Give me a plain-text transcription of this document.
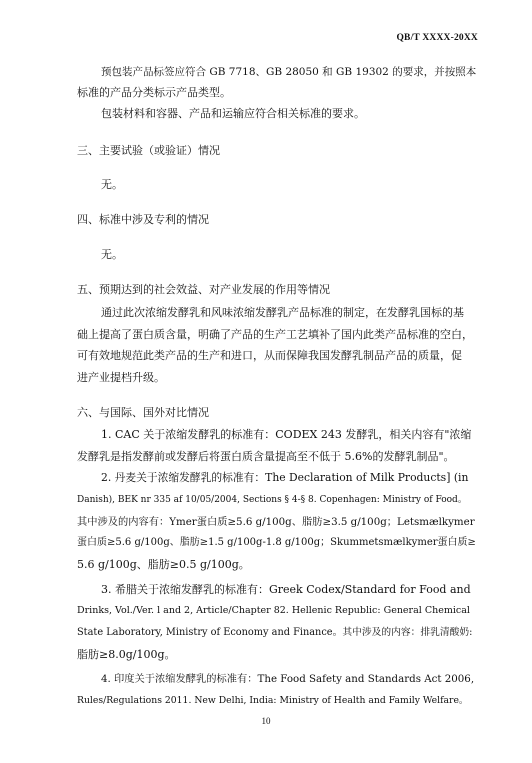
QB/T XXXX-20XX
预包装产品标签应符合 GB 7718、GB 28050 和 GB 19302 的要求，并按照本
标准的产品分类标示产品类型。
包装材料和容器、产品和运输应符合相关标准的要求。
三、主要试验（或验证）情况
无。
四、标准中涉及专利的情况
无。
五、预期达到的社会效益、对产业发展的作用等情况
通过此次浓缩发酵乳和风味浓缩发酵乳产品标准的制定，在发酵乳国标的基
础上提高了蛋白质含量，明确了产品的生产工艺填补了国内此类产品标准的空白，
可有效地规范此类产品的生产和进口，从而保障我国发酵乳制品产品的质量，促
进产业提档升级。
六、与国际、国外对比情况
1. CAC 关于浓缩发酵乳的标准有：CODEX 243 发酵乳，相关内容有"浓缩
发酵乳是指发酵前或发酵后将蛋白质含量提高至不低于 5.6%的发酵乳制品"。
2. 丹麦关于浓缩发酵乳的标准有：The Declaration of Milk Products] (in
Danish), BEK nr 335 af 10/05/2004, Sections § 4-§ 8. Copenhagen: Ministry of Food。
其中涉及的内容有：Ymer蛋白质≥5.6 g/100g、脂肪≥3.5 g/100g；Letsmælkymer
蛋白质≥5.6 g/100g、脂肪≥1.5 g/100g-1.8 g/100g；Skummetsmælkymer蛋白质≥
5.6 g/100g、脂肪≥0.5 g/100g。
3. 希腊关于浓缩发酵乳的标准有：Greek Codex/Standard for Food and
Drinks, Vol./Ver. l and 2, Article/Chapter 82. Hellenic Republic: General Chemical
State Laboratory, Ministry of Economy and Finance。其中涉及的内容：排乳清酸奶:
脂肪≥8.0g/100g。
4. 印度关于浓缩发酵乳的标准有：The Food Safety and Standards Act 2006,
Rules/Regulations 2011. New Delhi, India: Ministry of Health and Family Welfare。
10
